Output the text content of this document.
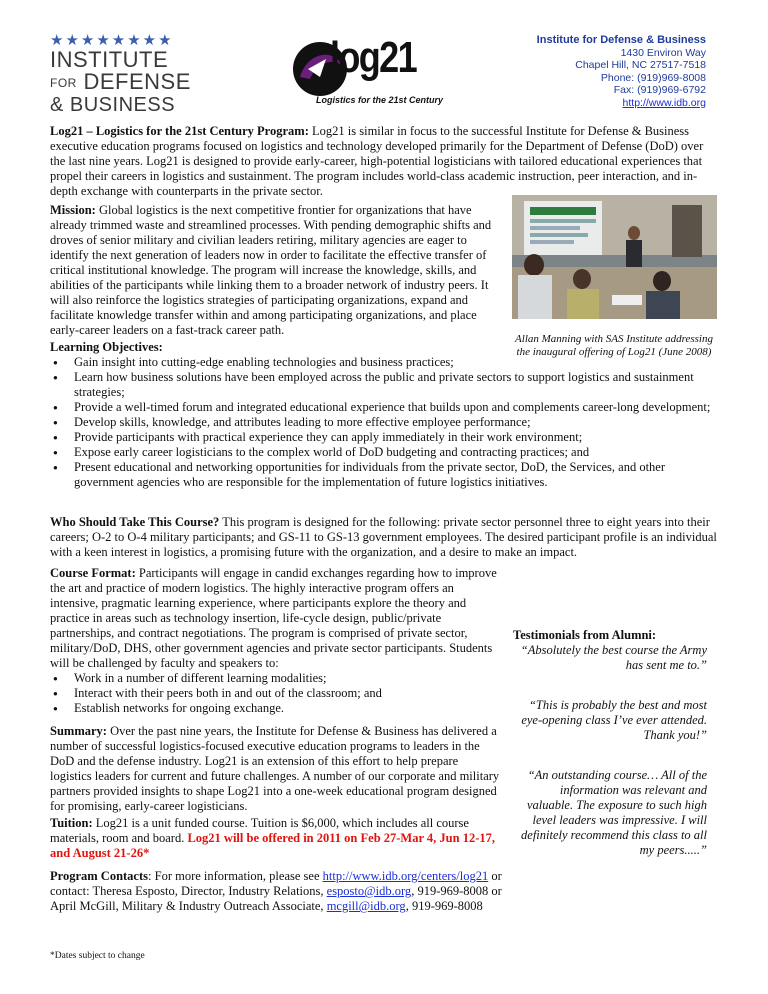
★★★★★★★★
INSTITUTE
FOR DEFENSE
& BUSINESS
log21
Logistics for the 21st Century
Institute for Defense & Business
1430 Environ Way
Chapel Hill, NC 27517-7518
Phone: (919)969-8008
Fax: (919)969-6792
http://www.idb.org

Log21 – Logistics for the 21st Century Program: Log21 is similar in focus to the successful Institute for Defense & Business executive education programs focused on logistics and technology developed primarily for the Department of Defense (DoD) over the last nine years. Log21 is designed to provide early-career, high-potential logisticians with tailored educational experiences that propel their careers in logistics and sustainment. The program includes world-class academic instruction, peer interaction, and in-depth exchange with counterparts in the private sector.

Mission: Global logistics is the next competitive frontier for organizations that have already trimmed waste and streamlined processes. With pending demographic shifts and droves of senior military and civilian leaders retiring, military agencies are eager to identify the next generation of leaders now in order to facilitate the effective transfer of critical institutional knowledge. The program will increase the knowledge, skills, and abilities of the participants while linking them to a broader network of industry peers. It will also reinforce the logistics strategies of participating organizations, expand and facilitate knowledge transfer within and among participating organizations, and place early-career leaders on a fast-track career path.

Allan Manning with SAS Institute addressing
the inaugural offering of Log21 (June 2008)
Learning Objectives:
● Gain insight into cutting-edge enabling technologies and business practices;
● Learn how business solutions have been employed across the public and private sectors to support logistics and sustainment strategies;
● Provide a well-timed forum and integrated educational experience that builds upon and complements career-long development;
● Develop skills, knowledge, and attributes leading to more effective employee performance;
● Provide participants with practical experience they can apply immediately in their work environment;
● Expose early career logisticians to the complex world of DoD budgeting and contracting practices; and
● Present educational and networking opportunities for individuals from the private sector, DoD, the Services, and other government agencies who are responsible for the implementation of future logistics initiatives.

Who Should Take This Course? This program is designed for the following: private sector personnel three to eight years into their careers; O-2 to O-4 military participants; and GS-11 to GS-13 government employees. The desired participant profile is an individual with a keen interest in logistics, a promising future with the organization, and a desire to make an impact.

Course Format: Participants will engage in candid exchanges regarding how to improve the art and practice of modern logistics. The highly interactive program offers an intensive, pragmatic learning experience, where participants explore the theory and practice in areas such as technology insertion, life-cycle design, public/private partnerships, and contract negotiations. The program is comprised of private sector, military/DoD, DHS, other government agencies and private sector participants. Students will be challenged by faculty and speakers to:

● Work in a number of different learning modalities;
● Interact with their peers both in and out of the classroom; and
● Establish networks for ongoing exchange.
Testimonials from Alumni:
“Absolutely the best course the Army has sent me to.”
“This is probably the best and most eye-opening class I’ve ever attended. Thank you!”
“An outstanding course… All of the information was relevant and valuable. The exposure to such high level leaders was impressive. I will definitely recommend this class to all my peers.....”

Summary: Over the past nine years, the Institute for Defense & Business has delivered a number of successful logistics-focused executive education programs to leaders in the DoD and the defense industry. Log21 is an extension of this effort to help prepare logistics leaders for current and future challenges. A number of our corporate and military partners provided insights to shape Log21 into a one-week educational program designed for promising, early-career logisticians.

Tuition: Log21 is a unit funded course. Tuition is $6,000, which includes all course materials, room and board. Log21 will be offered in 2011 on Feb 27-Mar 4, Jun 12-17, and August 21-26*

Program Contacts: For more information, please see http://www.idb.org/centers/log21 or contact: Theresa Esposto, Director, Industry Relations, esposto@idb.org, 919-969-8008 or April McGill, Military & Industry Outreach Associate, mcgill@idb.org, 919-969-8008

*Dates subject to change
